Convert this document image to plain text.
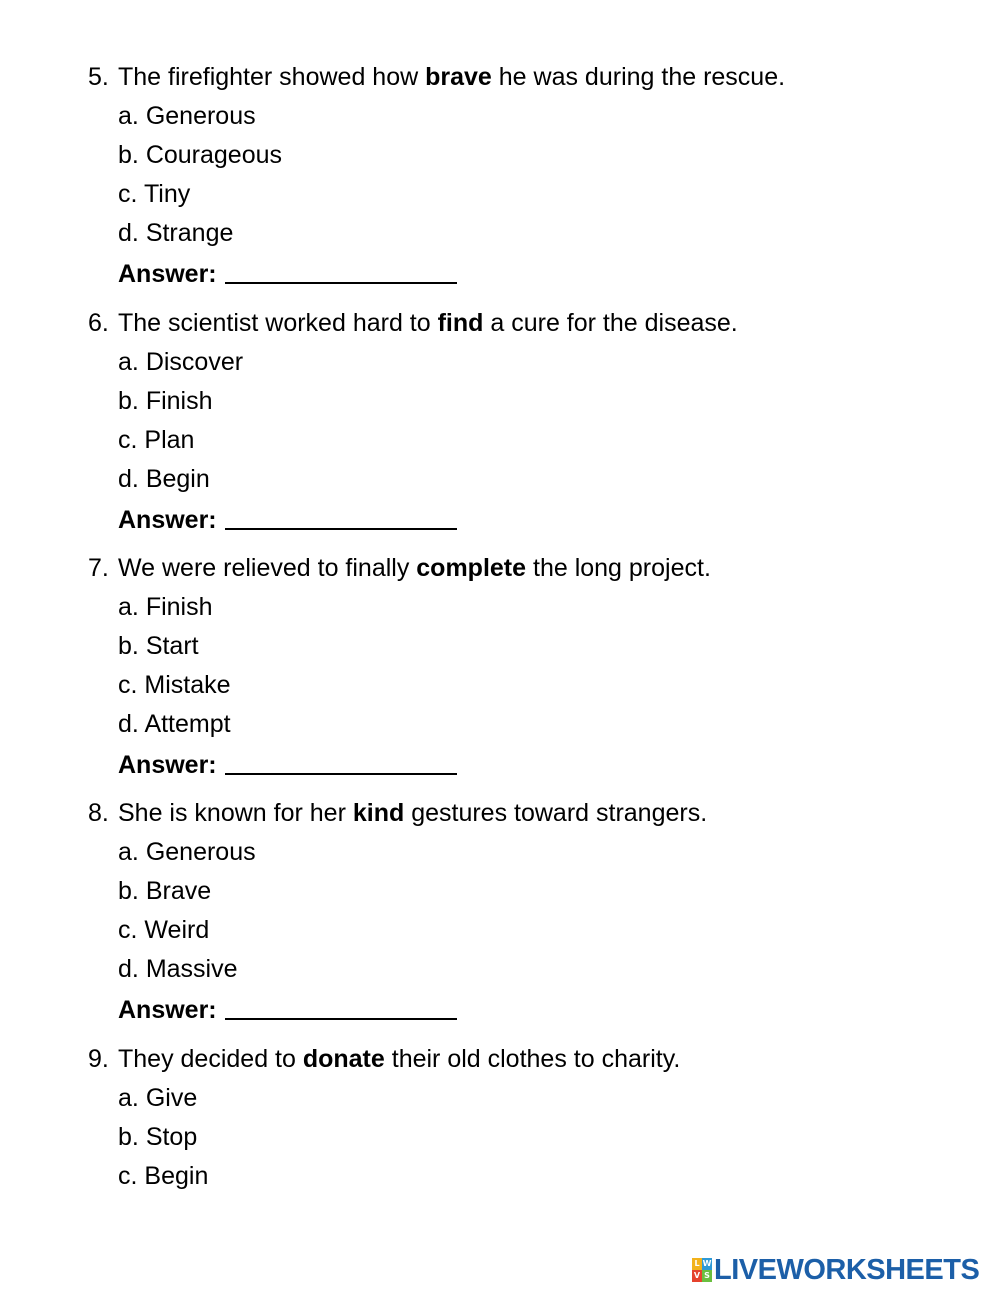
5. The firefighter showed how brave he was during the rescue.
a. Generous
b. Courageous
c. Tiny
d. Strange
Answer:
6. The scientist worked hard to find a cure for the disease.
a. Discover
b. Finish
c. Plan
d. Begin
Answer:
7. We were relieved to finally complete the long project.
a. Finish
b. Start
c. Mistake
d. Attempt
Answer:
8. She is known for her kind gestures toward strangers.
a. Generous
b. Brave
c. Weird
d. Massive
Answer:
9. They decided to donate their old clothes to charity.
a. Give
b. Stop
c. Begin
L W
V S LIVEWORKSHEETS
